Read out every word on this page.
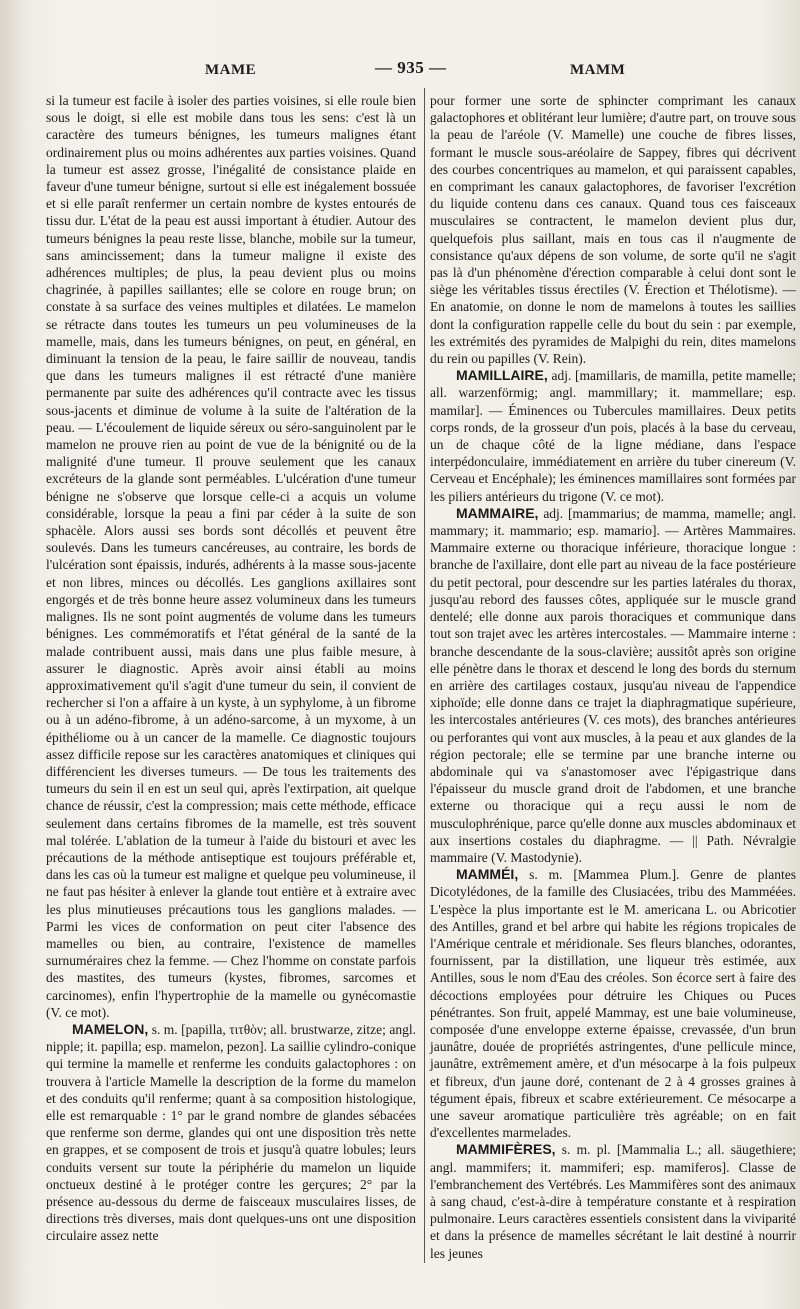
MAME	— 935 —	MAMM

si la tumeur est facile à isoler des parties voisines, si elle roule bien sous le doigt, si elle est mobile dans tous les sens: c'est là un caractère des tumeurs bénignes, les tumeurs malignes étant ordinairement plus ou moins adhérentes aux parties voisines. Quand la tumeur est assez grosse, l'inégalité de consistance plaide en faveur d'une tumeur bénigne, surtout si elle est inégalement bossuée et si elle paraît renfermer un certain nombre de kystes entourés de tissu dur. L'état de la peau est aussi important à étudier. Autour des tumeurs bénignes la peau reste lisse, blanche, mobile sur la tumeur, sans amincissement; dans la tumeur maligne il existe des adhérences multiples; de plus, la peau devient plus ou moins chagrinée, à papilles saillantes; elle se colore en rouge brun; on constate à sa surface des veines multiples et dilatées. Le mamelon se rétracte dans toutes les tumeurs un peu volumineuses de la mamelle, mais, dans les tumeurs bénignes, on peut, en général, en diminuant la tension de la peau, le faire saillir de nouveau, tandis que dans les tumeurs malignes il est rétracté d'une manière permanente par suite des adhérences qu'il contracte avec les tissus sous-jacents et diminue de volume à la suite de l'altération de la peau. — L'écoulement de liquide séreux ou séro-sanguinolent par le mamelon ne prouve rien au point de vue de la bénignité ou de la malignité d'une tumeur. Il prouve seulement que les canaux excréteurs de la glande sont perméables. L'ulcération d'une tumeur bénigne ne s'observe que lorsque celle-ci a acquis un volume considérable, lorsque la peau a fini par céder à la suite de son sphacèle. Alors aussi ses bords sont décollés et peuvent être soulevés. Dans les tumeurs cancéreuses, au contraire, les bords de l'ulcération sont épaissis, indurés, adhérents à la masse sous-jacente et non libres, minces ou décollés. Les ganglions axillaires sont engorgés et de très bonne heure assez volumineux dans les tumeurs malignes. Ils ne sont point augmentés de volume dans les tumeurs bénignes. Les commémoratifs et l'état général de la santé de la malade contribuent aussi, mais dans une plus faible mesure, à assurer le diagnostic. Après avoir ainsi établi au moins approximativement qu'il s'agit d'une tumeur du sein, il convient de rechercher si l'on a affaire à un kyste, à un syphylome, à un fibrome ou à un adéno-fibrome, à un adéno-sarcome, à un myxome, à un épithéliome ou à un cancer de la mamelle. Ce diagnostic toujours assez difficile repose sur les caractères anatomiques et cliniques qui différencient les diverses tumeurs. — De tous les traitements des tumeurs du sein il en est un seul qui, après l'extirpation, ait quelque chance de réussir, c'est la compression; mais cette méthode, efficace seulement dans certains fibromes de la mamelle, est très souvent mal tolérée. L'ablation de la tumeur à l'aide du bistouri et avec les précautions de la méthode antiseptique est toujours préférable et, dans les cas où la tumeur est maligne et quelque peu volumineuse, il ne faut pas hésiter à enlever la glande tout entière et à extraire avec les plus minutieuses précautions tous les ganglions malades. — Parmi les vices de conformation on peut citer l'absence des mamelles ou bien, au contraire, l'existence de mamelles surnuméraires chez la femme. — Chez l'homme on constate parfois des mastites, des tumeurs (kystes, fibromes, sarcomes et carcinomes), enfin l'hypertrophie de la mamelle ou gynécomastie (V. ce mot).

MAMELON, s. m. [papilla, τιτθὸν; all. brustwarze, zitze; angl. nipple; it. papilla; esp. mamelon, pezon]. La saillie cylindro-conique qui termine la mamelle et renferme les conduits galactophores : on trouvera à l'article Mamelle la description de la forme du mamelon et des conduits qu'il renferme; quant à sa composition histologique, elle est remarquable : 1° par le grand nombre de glandes sébacées que renferme son derme, glandes qui ont une disposition très nette en grappes, et se composent de trois et jusqu'à quatre lobules; leurs conduits versent sur toute la périphérie du mamelon un liquide onctueux destiné à le protéger contre les gerçures; 2° par la présence au-dessous du derme de faisceaux musculaires lisses, de directions très diverses, mais dont quelques-uns ont une disposition circulaire assez nette

pour former une sorte de sphincter comprimant les canaux galactophores et oblitérant leur lumière; d'autre part, on trouve sous la peau de l'aréole (V. Mamelle) une couche de fibres lisses, formant le muscle sous-aréolaire de Sappey, fibres qui décrivent des courbes concentriques au mamelon, et qui paraissent capables, en comprimant les canaux galactophores, de favoriser l'excrétion du liquide contenu dans ces canaux. Quand tous ces faisceaux musculaires se contractent, le mamelon devient plus dur, quelquefois plus saillant, mais en tous cas il n'augmente de consistance qu'aux dépens de son volume, de sorte qu'il ne s'agit pas là d'un phénomène d'érection comparable à celui dont sont le siège les véritables tissus érectiles (V. Érection et Thélotisme). — En anatomie, on donne le nom de mamelons à toutes les saillies dont la configuration rappelle celle du bout du sein : par exemple, les extrémités des pyramides de Malpighi du rein, dites mamelons du rein ou papilles (V. Rein).

MAMILLAIRE, adj. [mamillaris, de mamilla, petite mamelle; all. warzenförmig; angl. mammillary; it. mammellare; esp. mamilar]. — Éminences ou Tubercules mamillaires. Deux petits corps ronds, de la grosseur d'un pois, placés à la base du cerveau, un de chaque côté de la ligne médiane, dans l'espace interpédonculaire, immédiatement en arrière du tuber cinereum (V. Cerveau et Encéphale); les éminences mamillaires sont formées par les piliers antérieurs du trigone (V. ce mot).

MAMMAIRE, adj. [mammarius; de mamma, mamelle; angl. mammary; it. mammario; esp. mamario]. — Artères Mammaires. Mammaire externe ou thoracique inférieure, thoracique longue : branche de l'axillaire, dont elle part au niveau de la face postérieure du petit pectoral, pour descendre sur les parties latérales du thorax, jusqu'au rebord des fausses côtes, appliquée sur le muscle grand dentelé; elle donne aux parois thoraciques et communique dans tout son trajet avec les artères intercostales. — Mammaire interne : branche descendante de la sous-clavière; aussitôt après son origine elle pénètre dans le thorax et descend le long des bords du sternum en arrière des cartilages costaux, jusqu'au niveau de l'appendice xiphoïde; elle donne dans ce trajet la diaphragmatique supérieure, les intercostales antérieures (V. ces mots), des branches antérieures ou perforantes qui vont aux muscles, à la peau et aux glandes de la région pectorale; elle se termine par une branche interne ou abdominale qui va s'anastomoser avec l'épigastrique dans l'épaisseur du muscle grand droit de l'abdomen, et une branche externe ou thoracique qui a reçu aussi le nom de musculophrénique, parce qu'elle donne aux muscles abdominaux et aux insertions costales du diaphragme. — || Path. Névralgie mammaire (V. Mastodynie).

MAMMÉI, s. m. [Mammea Plum.]. Genre de plantes Dicotylédones, de la famille des Clusiacées, tribu des Mamméées. L'espèce la plus importante est le M. americana L. ou Abricotier des Antilles, grand et bel arbre qui habite les régions tropicales de l'Amérique centrale et méridionale. Ses fleurs blanches, odorantes, fournissent, par la distillation, une liqueur très estimée, aux Antilles, sous le nom d'Eau des créoles. Son écorce sert à faire des décoctions employées pour détruire les Chiques ou Puces pénétrantes. Son fruit, appelé Mammay, est une baie volumineuse, composée d'une enveloppe externe épaisse, crevassée, d'un brun jaunâtre, douée de propriétés astringentes, d'une pellicule mince, jaunâtre, extrêmement amère, et d'un mésocarpe à la fois pulpeux et fibreux, d'un jaune doré, contenant de 2 à 4 grosses graines à tégument épais, fibreux et scabre extérieurement. Ce mésocarpe a une saveur aromatique particulière très agréable; on en fait d'excellentes marmelades.

MAMMIFÈRES, s. m. pl. [Mammalia L.; all. säugethiere; angl. mammifers; it. mammiferi; esp. mamiferos]. Classe de l'embranchement des Vertébrés. Les Mammifères sont des animaux à sang chaud, c'est-à-dire à température constante et à respiration pulmonaire. Leurs caractères essentiels consistent dans la viviparité et dans la présence de mamelles sécrétant le lait destiné à nourrir les jeunes
